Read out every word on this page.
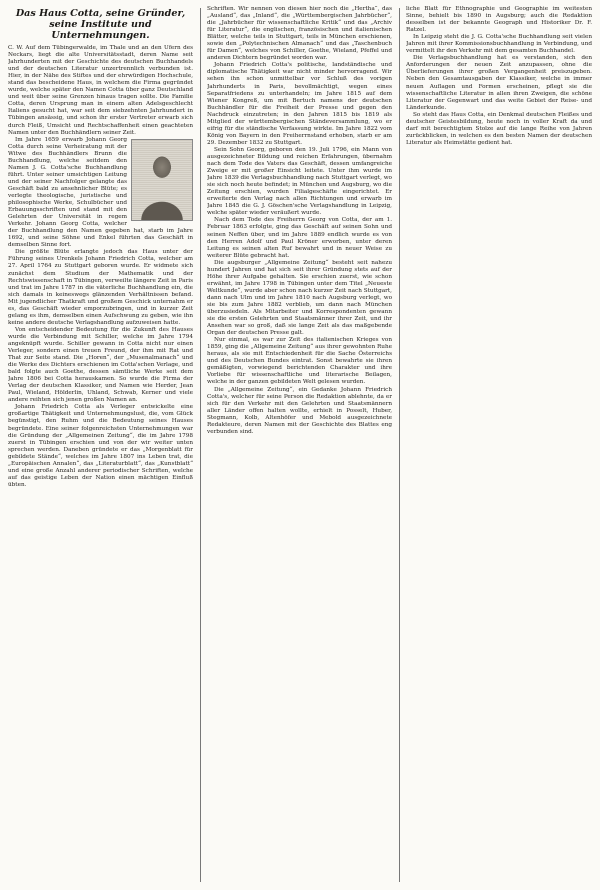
Das Haus Cotta, seine Gründer, seine Institute und Unternehmungen.

C. W. Auf dem Tübingerwalde, im Thale und an den Ufern des Neckars, liegt die alte Universitätsstadt, deren Name seit Jahrhunderten mit der Geschichte des deutschen Buchhandels und der deutschen Literatur unzertrennlich verbunden ist. Hier, in der Nähe des Stiftes und der ehrwürdigen Hochschule, stand das bescheidene Haus, in welchem die Firma gegründet wurde, welche später den Namen Cotta über ganz Deutschland und weit über seine Grenzen hinaus tragen sollte. Die Familie Cotta, deren Ursprung man in einem alten Adelsgeschlecht Italiens gesucht hat, war seit dem siebzehnten Jahrhundert in Tübingen ansässig, und schon ihr erster Vertreter erwarb sich durch Fleiß, Umsicht und Rechtschaffenheit einen geachteten Namen unter den Buchhändlern seiner Zeit.

Im Jahre 1659 erwarb Johann Georg Cotta durch seine Verheiratung mit der Witwe des Buchhändlers Brunn die Buchhandlung, welche seitdem den Namen J. G. Cotta'sche Buchhandlung führt. Unter seiner umsichtigen Leitung und der seiner Nachfolger gelangte das Geschäft bald zu ansehnlicher Blüte; es verlegte theologische, juristische und philosophische Werke, Schulbücher und Erbauungsschriften und stand mit den Gelehrten der Universität in regem Verkehr. Johann Georg Cotta, welcher der Buchhandlung den Namen gegeben hat, starb im Jahre 1692, und seine Söhne und Enkel führten das Geschäft in demselben Sinne fort.

Die größte Blüte erlangte jedoch das Haus unter der Führung seines Urenkels Johann Friedrich Cotta, welcher am 27. April 1764 zu Stuttgart geboren wurde. Er widmete sich zunächst dem Studium der Mathematik und der Rechtswissenschaft in Tübingen, verweilte längere Zeit in Paris und trat im Jahre 1787 in die väterliche Buchhandlung ein, die sich damals in keineswegs glänzenden Verhältnissen befand. Mit jugendlicher Thatkraft und großem Geschick unternahm er es, das Geschäft wieder emporzubringen, und in kurzer Zeit gelang es ihm, demselben einen Aufschwung zu geben, wie ihn keine andere deutsche Verlagshandlung aufzuweisen hatte.

Von entscheidender Bedeutung für die Zukunft des Hauses wurde die Verbindung mit Schiller, welche im Jahre 1794 angeknüpft wurde. Schiller gewann in Cotta nicht nur einen Verleger, sondern einen treuen Freund, der ihm mit Rat und That zur Seite stand. Die „Horen“, der „Musenalmanach“ und die Werke des Dichters erschienen im Cotta'schen Verlage, und bald folgte auch Goethe, dessen sämtliche Werke seit dem Jahre 1806 bei Cotta herauskamen. So wurde die Firma der Verlag der deutschen Klassiker, und Namen wie Herder, Jean Paul, Wieland, Hölderlin, Uhland, Schwab, Kerner und viele andere reihten sich jenen großen Namen an.

Johann Friedrich Cotta als Verleger entwickelte eine großartige Thätigkeit und Unternehmungslust, die, vom Glück begünstigt, den Ruhm und die Bedeutung seines Hauses begründete. Eine seiner folgenreichsten Unternehmungen war die Gründung der „Allgemeinen Zeitung“, die im Jahre 1798 zuerst in Tübingen erschien und von der wir weiter unten sprechen werden. Daneben gründete er das „Morgenblatt für gebildete Stände“, welches im Jahre 1807 ins Leben trat, die „Europäischen Annalen“, das „Literaturblatt“, das „Kunstblatt“ und eine große Anzahl anderer periodischer Schriften, welche auf das geistige Leben der Nation einen mächtigen Einfluß übten.

Schriften. Wir nennen von diesen hier noch die „Hertha“, das „Ausland“, das „Inland“, die „Württembergischen Jahrbücher“, die „Jahrbücher für wissenschaftliche Kritik“ und das „Archiv für Literatur“, die englischen, französischen und italienischen Blätter, welche teils in Stuttgart, teils in München erschienen, sowie den „Polytechnischen Almanach“ und das „Taschenbuch für Damen“, welches von Schiller, Goethe, Wieland, Pfeffel und anderen Dichtern begründet worden war.

Johann Friedrich Cotta's politische, landständische und diplomatische Thätigkeit war nicht minder hervorragend. Wir sehen ihn schon unmittelbar vor Schluß des vorigen Jahrhunderts in Paris, bevollmächtigt, wegen eines Separatfriedens zu unterhandeln; im Jahre 1815 auf dem Wiener Kongreß, um mit Bertuch namens der deutschen Buchhändler für die Freiheit der Presse und gegen den Nachdruck einzutreten; in den Jahren 1815 bis 1819 als Mitglied der württembergischen Ständeversammlung, wo er eifrig für die ständische Verfassung wirkte. Im Jahre 1822 vom König von Bayern in den Freiherrnstand erhoben, starb er am 29. Dezember 1832 zu Stuttgart.

Sein Sohn Georg, geboren den 19. Juli 1796, ein Mann von ausgezeichneter Bildung und reichen Erfahrungen, übernahm nach dem Tode des Vaters das Geschäft, dessen umfangreiche Zweige er mit großer Einsicht leitete. Unter ihm wurde im Jahre 1839 die Verlagsbuchhandlung nach Stuttgart verlegt, wo sie sich noch heute befindet; in München und Augsburg, wo die Zeitung erschien, wurden Filialgeschäfte eingerichtet. Er erweiterte den Verlag nach allen Richtungen und erwarb im Jahre 1845 die G. J. Göschen'sche Verlagshandlung in Leipzig, welche später wieder veräußert wurde.

Nach dem Tode des Freiherrn Georg von Cotta, der am 1. Februar 1863 erfolgte, ging das Geschäft auf seinen Sohn und seinen Neffen über, und im Jahre 1889 endlich wurde es von den Herren Adolf und Paul Kröner erworben, unter deren Leitung es seinen alten Ruf bewahrt und in neuer Weise zu weiterer Blüte gebracht hat.

Die augsburger „Allgemeine Zeitung“ besteht seit nahezu hundert Jahren und hat sich seit ihrer Gründung stets auf der Höhe ihrer Aufgabe gehalten. Sie erschien zuerst, wie schon erwähnt, im Jahre 1798 in Tübingen unter dem Titel „Neueste Weltkunde“, wurde aber schon nach kurzer Zeit nach Stuttgart, dann nach Ulm und im Jahre 1810 nach Augsburg verlegt, wo sie bis zum Jahre 1882 verblieb, um dann nach München überzusiedeln. Als Mitarbeiter und Korrespondenten gewann sie die ersten Gelehrten und Staatsmänner ihrer Zeit, und ihr Ansehen war so groß, daß sie lange Zeit als das maßgebende Organ der deutschen Presse galt.

Nur einmal, es war zur Zeit des italienischen Krieges von 1859, ging die „Allgemeine Zeitung“ aus ihrer gewohnten Ruhe heraus, als sie mit Entschiedenheit für die Sache Österreichs und des Deutschen Bundes eintrat. Sonst bewahrte sie ihren gemäßigten, vorwiegend berichtenden Charakter und ihre Vorliebe für wissenschaftliche und literarische Beilagen, welche in der ganzen gebildeten Welt gelesen wurden.

Die „Allgemeine Zeitung“, ein Gedanke Johann Friedrich Cotta's, welcher für seine Person die Redaktion ablehnte, da er sich für den Verkehr mit den Gelehrten und Staatsmännern aller Länder offen halten wollte, erhielt in Posselt, Huber, Stegmann, Kolb, Altenhöfer und Mebold ausgezeichnete Redakteure, deren Namen mit der Geschichte des Blattes eng verbunden sind.

liche Blatt für Ethnographie und Geographie im weitesten Sinne, behielt bis 1890 in Augsburg; auch die Redaktion desselben ist der bekannte Geograph und Historiker Dr. F. Ratzel.

In Leipzig steht die J. G. Cotta'sche Buchhandlung seit vielen Jahren mit ihrer Kommissionsbuchhandlung in Verbindung, und vermittelt ihr den Verkehr mit dem gesamten Buchhandel.

Die Verlagsbuchhandlung hat es verstanden, sich den Anforderungen der neuen Zeit anzupassen, ohne die Überlieferungen ihrer großen Vergangenheit preiszugeben. Neben den Gesamtausgaben der Klassiker, welche in immer neuen Auflagen und Formen erscheinen, pflegt sie die wissenschaftliche Literatur in allen ihren Zweigen, die schöne Literatur der Gegenwart und das weite Gebiet der Reise- und Länderkunde.

So steht das Haus Cotta, ein Denkmal deutschen Fleißes und deutscher Geistesbildung, heute noch in voller Kraft da und darf mit berechtigtem Stolze auf die lange Reihe von Jahren zurückblicken, in welchen es den besten Namen der deutschen Literatur als Heimstätte gedient hat.
